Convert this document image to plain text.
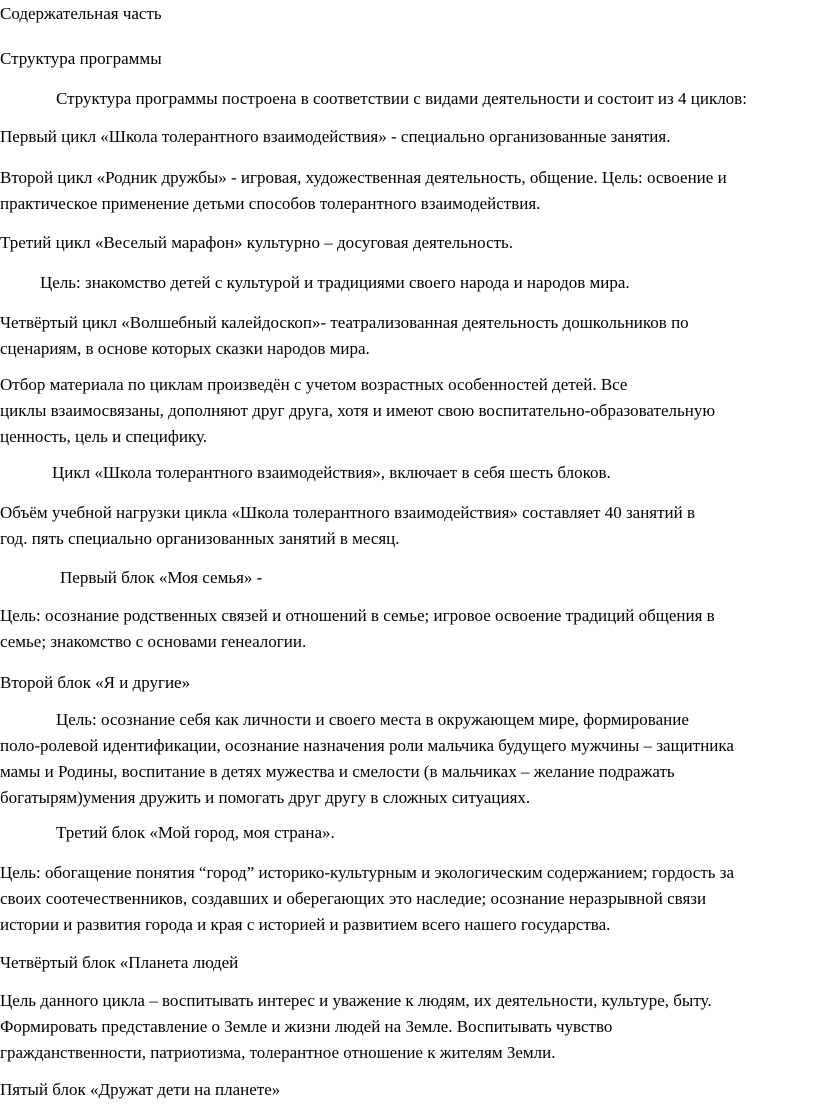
Содержательная часть
Структура программы
Структура программы построена в соответствии с видами деятельности и состоит из 4 циклов:
Первый цикл «Школа толерантного взаимодействия» - специально организованные занятия.
Второй цикл «Родник дружбы» - игровая, художественная деятельность, общение. Цель: освоение и
практическое применение детьми способов толерантного взаимодействия.
Третий цикл «Веселый марафон» культурно – досуговая деятельность.
Цель: знакомство детей с культурой и традициями своего народа и народов мира.
Четвёртый цикл «Волшебный калейдоскоп»- театрализованная деятельность дошкольников по
сценариям, в основе которых сказки народов мира.
Отбор материала по циклам произведён с учетом возрастных особенностей детей. Все
циклы взаимосвязаны, дополняют друг друга, хотя и имеют свою воспитательно-образовательную
ценность, цель и специфику.
Цикл «Школа толерантного взаимодействия», включает в себя шесть блоков.
Объём учебной нагрузки цикла «Школа толерантного взаимодействия» составляет 40 занятий в
год. пять специально организованных занятий в месяц.
Первый блок «Моя семья» -
Цель: осознание родственных связей и отношений в семье; игровое освоение традиций общения в
семье; знакомство с основами генеалогии.
Второй блок «Я и другие»
Цель: осознание себя как личности и своего места в окружающем мире, формирование
поло-ролевой идентификации, осознание назначения роли мальчика будущего мужчины – защитника
мамы и Родины, воспитание в детях мужества и смелости (в мальчиках – желание подражать
богатырям)умения дружить и помогать друг другу в сложных ситуациях.
Третий блок «Мой город, моя страна».
Цель: обогащение понятия “город” историко-культурным и экологическим содержанием; гордость за
своих соотечественников, создавших и оберегающих это наследие; осознание неразрывной связи
истории и развития города и края с историей и развитием всего нашего государства.
Четвёртый блок «Планета людей
Цель данного цикла – воспитывать интерес и уважение к людям, их деятельности, культуре, быту.
Формировать представление о Земле и жизни людей на Земле. Воспитывать чувство
гражданственности, патриотизма, толерантное отношение к жителям Земли.
Пятый блок «Дружат дети на планете»
